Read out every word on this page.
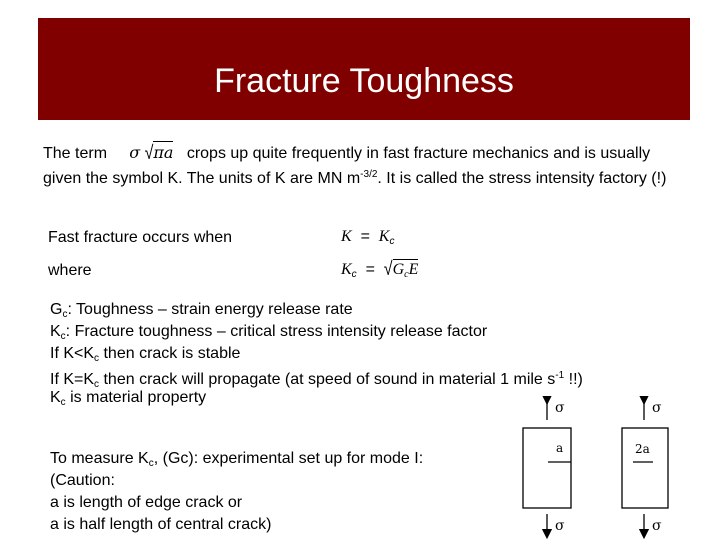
Fracture Toughness
The term σ √πa crops up quite frequently in fast fracture mechanics and is usually given the symbol K. The units of K are MN $m^{-3/2}$. It is called the stress intensity factory (!)
Fast fracture occurs when	K = Kc
where	Kc = √GcE
$G_c$: Toughness – strain energy release rate
$K_c$: Fracture toughness – critical stress intensity release factor
If $K<K_c$ then crack is stable
If $K=K_c$ then crack will propagate (at speed of sound in material 1 mile $s^{-1}$ !!)
$K_c$ is material property
To measure $K_c$, (Gc): experimental set up for mode I:
(Caution:
a is length of edge crack or
a is half length of central crack)
σ
a
σ
σ
2a
σ
